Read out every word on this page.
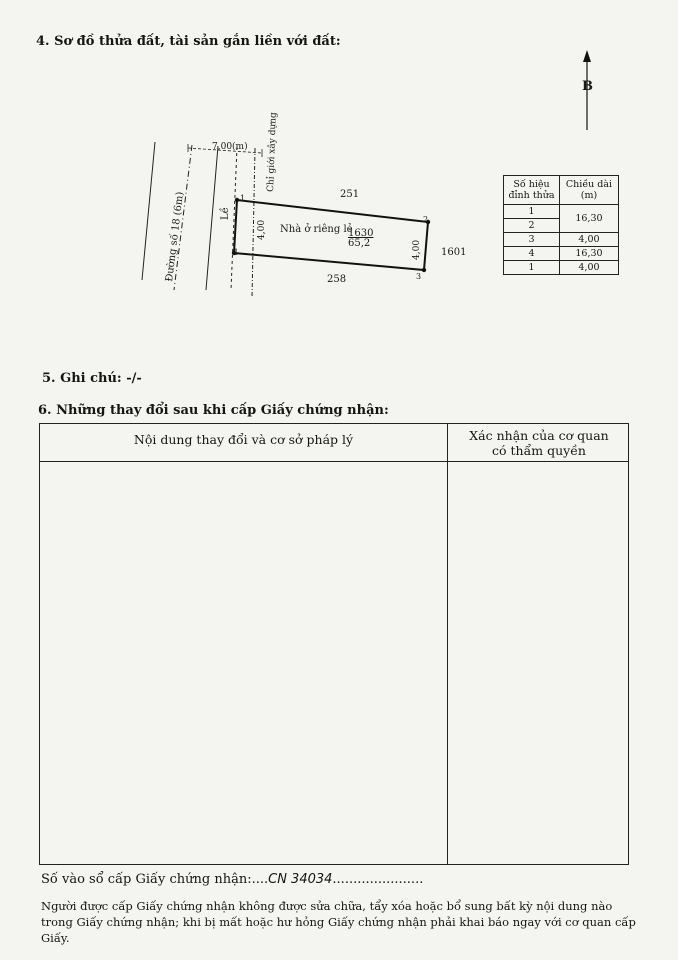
4. Sơ đồ thửa đất, tài sản gắn liền với đất:
B
Đường số 18 (6m)	Lề
Chỉ giới xây dựng
7,00(m)
1
2
3
4
4,00
4,00
Nhà ở riêng lẻ
1630
65,2
251
258
1601
Số hiệu
đỉnh thửa	Chiều dài
(m)
1	16,30
2	
3	4,00
4	16,30
1	4,00
5. Ghi chú: -/-
6. Những thay đổi sau khi cấp Giấy chứng nhận:
Nội dung thay đổi và cơ sở pháp lý	Xác nhận của cơ quan
có thẩm quyền
Số vào sổ cấp Giấy chứng nhận:....CN 34034......................
Người được cấp Giấy chứng nhận không được sửa chữa, tẩy xóa hoặc bổ sung bất kỳ nội dung nào trong Giấy chứng nhận; khi bị mất hoặc hư hỏng Giấy chứng nhận phải khai báo ngay với cơ quan cấp Giấy.
